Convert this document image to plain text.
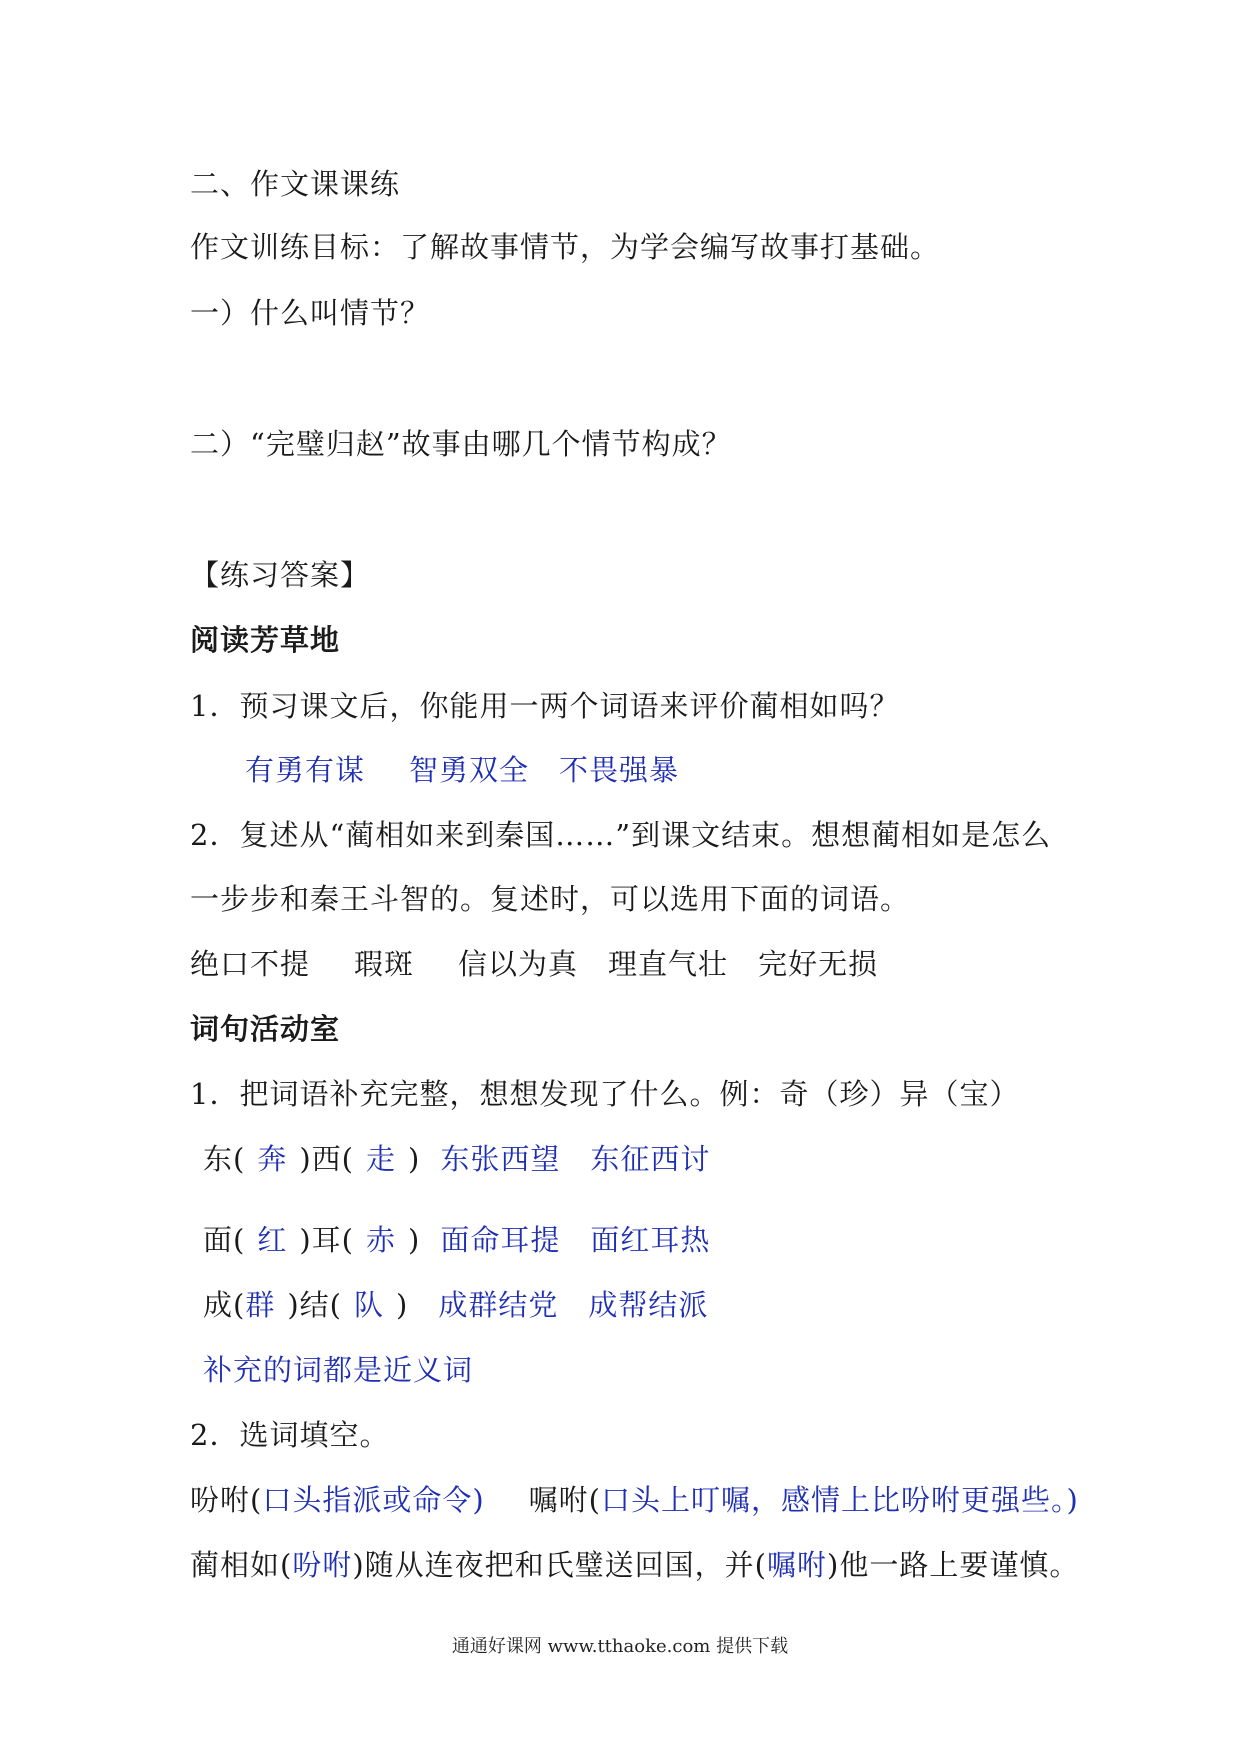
二、作文课课练
作文训练目标：了解故事情节，为学会编写故事打基础。
一）什么叫情节？
二）“完璧归赵”故事由哪几个情节构成？
【练习答案】
阅读芳草地
1．预习课文后，你能用一两个词语来评价蔺相如吗？
有勇有谋 智勇双全 不畏强暴
2．复述从“蔺相如来到秦国……”到课文结束。想想蔺相如是怎么
一步步和秦王斗智的。复述时，可以选用下面的词语。
绝口不提 瑕斑 信以为真 理直气壮 完好无损
词句活动室
1．把词语补充完整，想想发现了什么。例：奇（珍）异（宝）
东( 奔 )西( 走 ) 东张西望 东征西讨
面( 红 )耳( 赤 ) 面命耳提 面红耳热
成(群 )结( 队 ) 成群结党 成帮结派
补充的词都是近义词
2．选词填空。
吩咐(口头指派或命令) 嘱咐(口头上叮嘱，感情上比吩咐更强些。)
蔺相如(吩咐)随从连夜把和氏璧送回国，并(嘱咐)他一路上要谨慎。
通通好课网 www.tthaoke.com 提供下载
